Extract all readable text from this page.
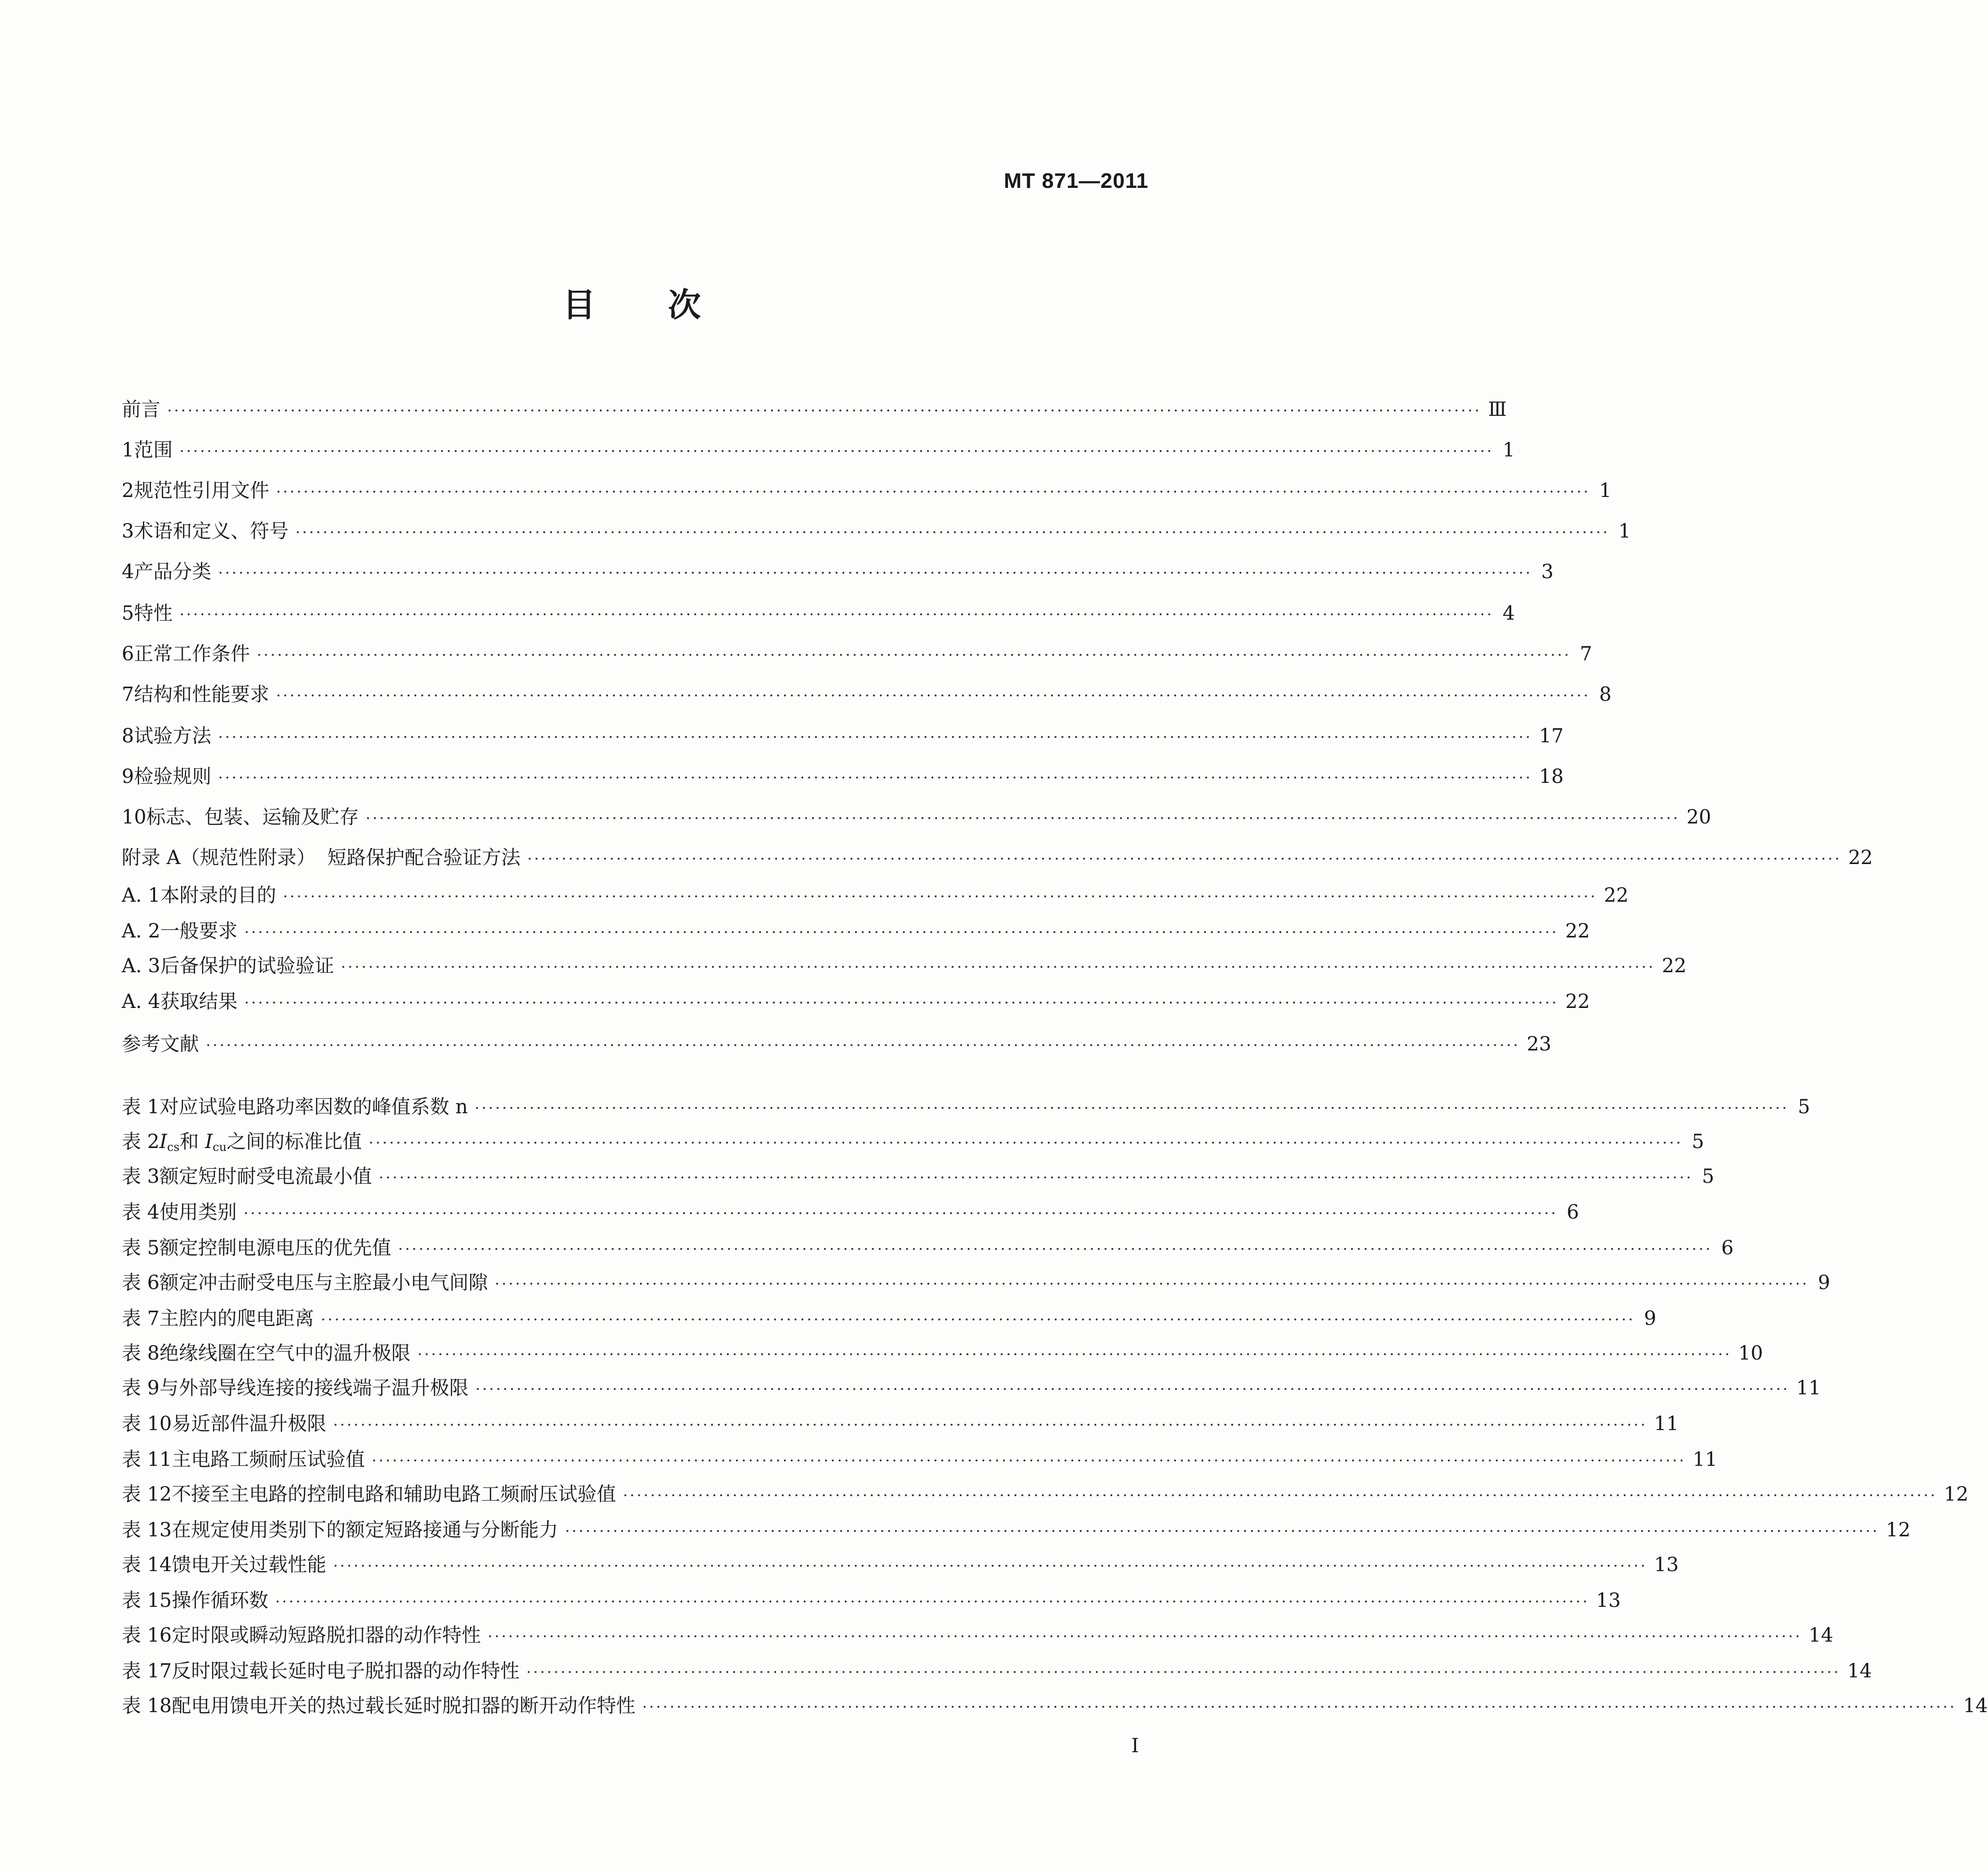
MT 871—2011
目 次
前言 ································································································································································································ Ⅲ
1 范围 ································································································································································································ 1
2 规范性引用文件 ································································································································································································ 1
3 术语和定义、符号 ································································································································································································ 1
4 产品分类 ································································································································································································ 3
5 特性 ································································································································································································ 4
6 正常工作条件 ································································································································································································ 7
7 结构和性能要求 ································································································································································································ 8
8 试验方法 ································································································································································································ 17
9 检验规则 ································································································································································································ 18
10 标志、包装、运输及贮存 ································································································································································································ 20
附录 A（规范性附录） 短路保护配合验证方法 ································································································································································································ 22
A. 1 本附录的目的 ································································································································································································ 22
A. 2 一般要求 ································································································································································································ 22
A. 3 后备保护的试验验证 ································································································································································································ 22
A. 4 获取结果 ································································································································································································ 22
参考文献 ································································································································································································ 23
表 1 对应试验电路功率因数的峰值系数 n ································································································································································································ 5
表 2 $I_{cs}$和 $I_{cu}$之间的标准比值 ································································································································································································ 5
表 3 额定短时耐受电流最小值 ································································································································································································ 5
表 4 使用类别 ································································································································································································ 6
表 5 额定控制电源电压的优先值 ································································································································································································ 6
表 6 额定冲击耐受电压与主腔最小电气间隙 ································································································································································································ 9
表 7 主腔内的爬电距离 ································································································································································································ 9
表 8 绝缘线圈在空气中的温升极限 ································································································································································································ 10
表 9 与外部导线连接的接线端子温升极限 ································································································································································································ 11
表 10 易近部件温升极限 ································································································································································································ 11
表 11 主电路工频耐压试验值 ································································································································································································ 11
表 12 不接至主电路的控制电路和辅助电路工频耐压试验值 ································································································································································································ 12
表 13 在规定使用类别下的额定短路接通与分断能力 ································································································································································································ 12
表 14 馈电开关过载性能 ································································································································································································ 13
表 15 操作循环数 ································································································································································································ 13
表 16 定时限或瞬动短路脱扣器的动作特性 ································································································································································································ 14
表 17 反时限过载长延时电子脱扣器的动作特性 ································································································································································································ 14
表 18 配电用馈电开关的热过载长延时脱扣器的断开动作特性 ································································································································································································ 14
I
